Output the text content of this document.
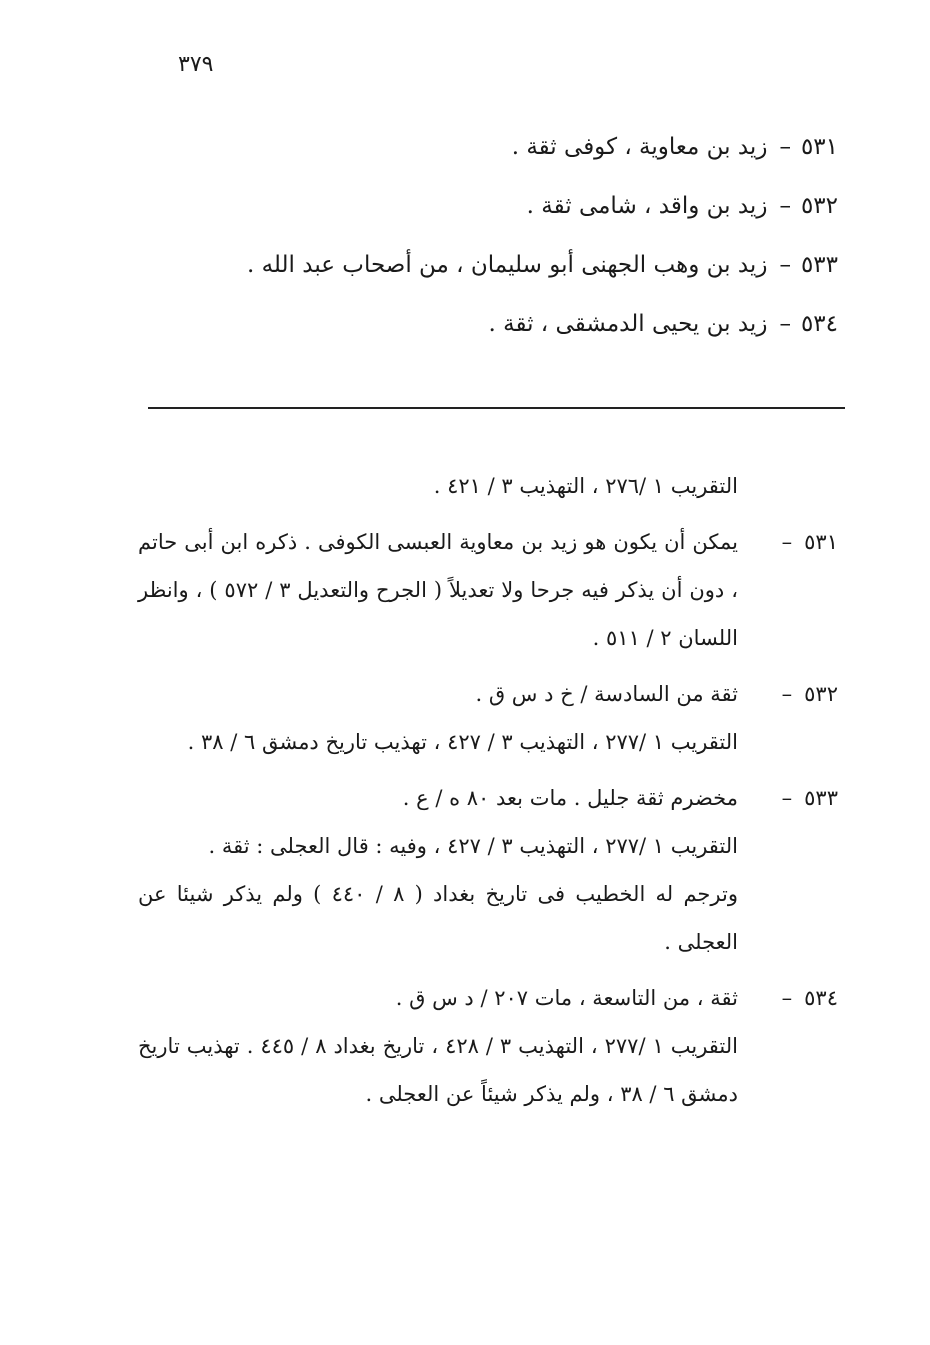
٣٧٩
٥٣١–زيد بن معاوية ، كوفى ثقة .
٥٣٢–زيد بن واقد ، شامى ثقة .
٥٣٣–زيد بن وهب الجهنى أبو سليمان ، من أصحاب عبد الله .
٥٣٤–زيد بن يحيى الدمشقى ، ثقة .
التقريب ١ /٢٧٦ ، التهذيب ٣ / ٤٢١ .
٥٣١–

يمكن أن يكون هو زيد بن معاوية العبسى الكوفى . ذكره ابن أبى حاتم ، دون أن يذكر فيه جرحا ولا تعديلاً ( الجرح والتعديل ٣ / ٥٧٢ ) ، وانظر اللسان ٢ / ٥١١ .

٥٣٢–

ثقة من السادسة / خ د س ق .

التقريب ١ /٢٧٧ ، التهذيب ٣ / ٤٢٧ ، تهذيب تاريخ دمشق ٦ / ٣٨ .

٥٣٣–

مخضرم ثقة جليل . مات بعد ٨٠ ه / ع .

التقريب ١ /٢٧٧ ، التهذيب ٣ / ٤٢٧ ، وفيه : قال العجلى : ثقة .

وترجم له الخطيب فى تاريخ بغداد ( ٨ / ٤٤٠ ) ولم يذكر شيئا عن العجلى .

٥٣٤–

ثقة ، من التاسعة ، مات ٢٠٧ / د س ق .

التقريب ١ /٢٧٧ ، التهذيب ٣ / ٤٢٨ ، تاريخ بغداد ٨ / ٤٤٥ . تهذيب تاريخ دمشق ٦ / ٣٨ ، ولم يذكر شيئاً عن العجلى .
